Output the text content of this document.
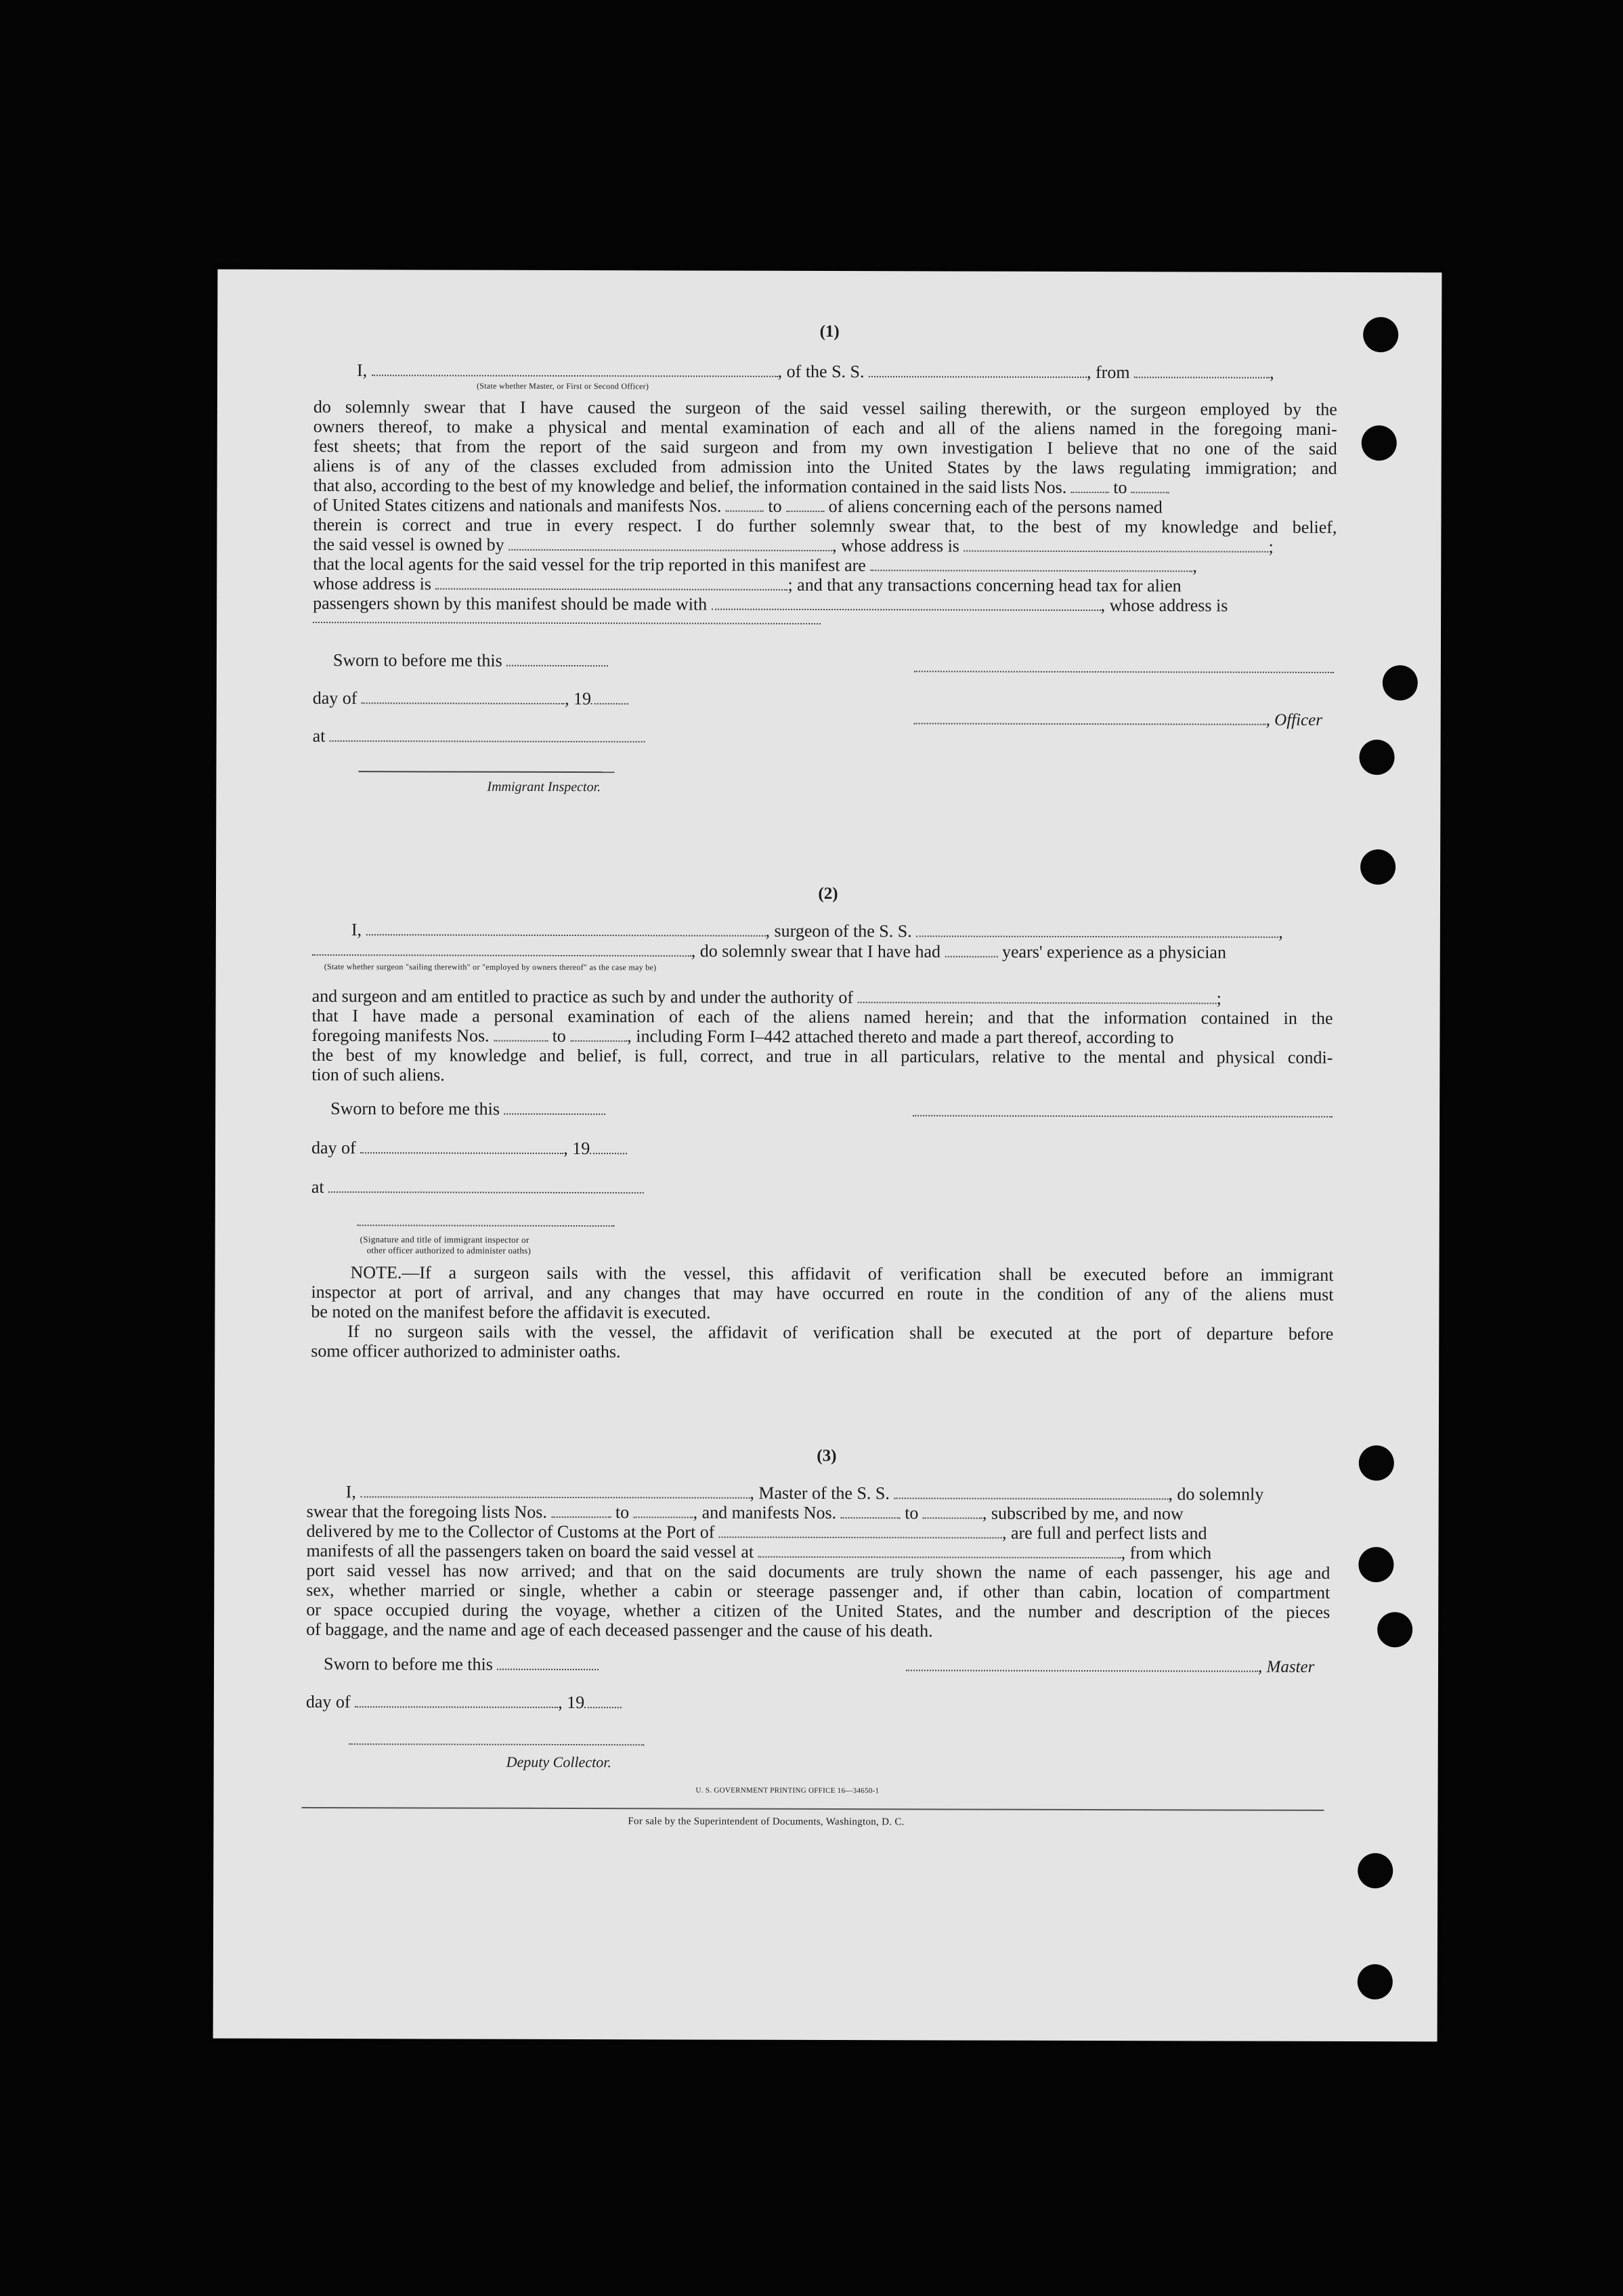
(1)
I,	, of the S. S.	, from	,
(State whether Master, or First or Second Officer)
do solemnly swear that I have caused the surgeon of the said vessel sailing therewith, or the surgeon employed by the
owners thereof, to make a physical and mental examination of each and all of the aliens named in the foregoing mani-
fest sheets; that from the report of the said surgeon and from my own investigation I believe that no one of the said
aliens is of any of the classes excluded from admission into the United States by the laws regulating immigration; and
that also, according to the best of my knowledge and belief, the information contained in the said lists Nos.	to
of United States citizens and nationals and manifests Nos.	to	of aliens concerning each of the persons named
therein is correct and true in every respect. I do further solemnly swear that, to the best of my knowledge and belief,
the said vessel is owned by	, whose address is	;
that the local agents for the said vessel for the trip reported in this manifest are	,
whose address is	; and that any transactions concerning head tax for alien
passengers shown by this manifest should be made with	, whose address is
Sworn to before me this
day of	, 19
at
Immigrant Inspector.
, Officer
(2)
I,	, surgeon of the S. S.	,
, do solemnly swear that I have had	years' experience as a physician
(State whether surgeon "sailing therewith" or "employed by owners thereof" as the case may be)
and surgeon and am entitled to practice as such by and under the authority of	;
that I have made a personal examination of each of the aliens named herein; and that the information contained in the
foregoing manifests Nos.	to	, including Form I–442 attached thereto and made a part thereof, according to
the best of my knowledge and belief, is full, correct, and true in all particulars, relative to the mental and physical condi-
tion of such aliens.
Sworn to before me this
day of	, 19
at
(Signature and title of immigrant inspector or
other officer authorized to administer oaths)
NOTE.—If a surgeon sails with the vessel, this affidavit of verification shall be executed before an immigrant
inspector at port of arrival, and any changes that may have occurred en route in the condition of any of the aliens must
be noted on the manifest before the affidavit is executed.
If no surgeon sails with the vessel, the affidavit of verification shall be executed at the port of departure before
some officer authorized to administer oaths.
(3)
I,	, Master of the S. S.	, do solemnly
swear that the foregoing lists Nos.	to	, and manifests Nos.	to	, subscribed by me, and now
delivered by me to the Collector of Customs at the Port of	, are full and perfect lists and
manifests of all the passengers taken on board the said vessel at	, from which
port said vessel has now arrived; and that on the said documents are truly shown the name of each passenger, his age and
sex, whether married or single, whether a cabin or steerage passenger and, if other than cabin, location of compartment
or space occupied during the voyage, whether a citizen of the United States, and the number and description of the pieces
of baggage, and the name and age of each deceased passenger and the cause of his death.
Sworn to before me this	, Master
day of	, 19
Deputy Collector.
U. S. GOVERNMENT PRINTING OFFICE 16—34650-1
For sale by the Superintendent of Documents, Washington, D. C.
